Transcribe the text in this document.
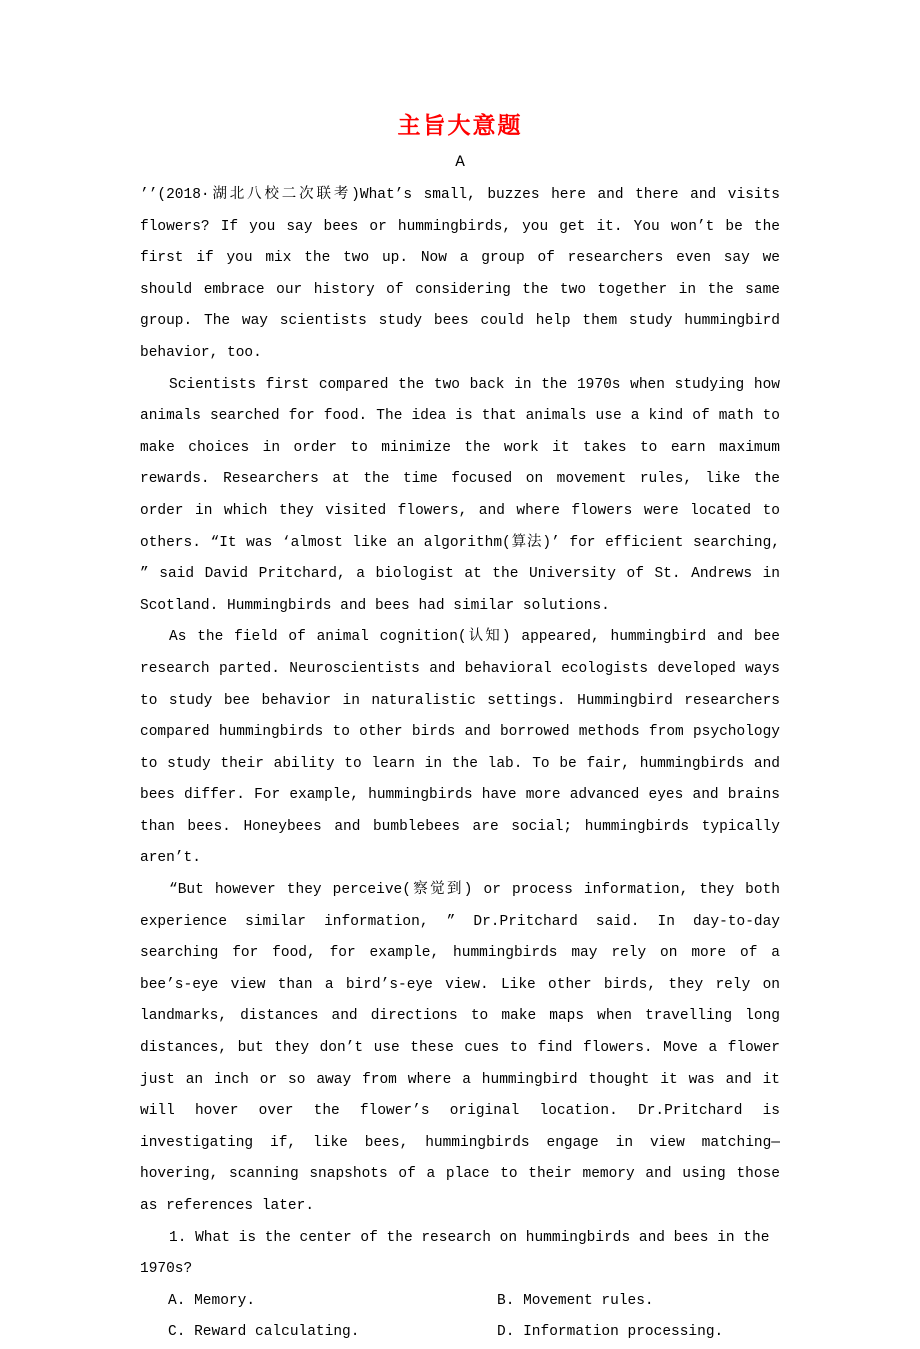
主旨大意题
A

’’(2018·湖北八校二次联考)What’s small, buzzes here and there and visits flowers? If you say bees or hummingbirds, you get it. You won’t be the first if you mix the two up. Now a group of researchers even say we should embrace our history of considering the two together in the same group. The way scientists study bees could help them study hummingbird behavior, too.

Scientists first compared the two back in the 1970s when studying how animals searched for food. The idea is that animals use a kind of math to make choices in order to minimize the work it takes to earn maximum rewards. Researchers at the time focused on movement rules, like the order in which they visited flowers, and where flowers were located to others. “It was ‘almost like an algorithm(算法)’ for efficient searching, ” said David Pritchard, a biologist at the University of St. Andrews in Scotland. Hummingbirds and bees had similar solutions.

As the field of animal cognition(认知) appeared, hummingbird and bee research parted. Neuroscientists and behavioral ecologists developed ways to study bee behavior in naturalistic settings. Hummingbird researchers compared hummingbirds to other birds and borrowed methods from psychology to study their ability to learn in the lab. To be fair, hummingbirds and bees differ. For example, hummingbirds have more advanced eyes and brains than bees. Honeybees and bumblebees are social; hummingbirds typically aren’t.

“But however they perceive(察觉到) or process information, they both experience similar information, ” Dr.Pritchard said. In day-to-day searching for food, for example, hummingbirds may rely on more of a bee’s-eye view than a bird’s-eye view. Like other birds, they rely on landmarks, distances and directions to make maps when travelling long distances, but they don’t use these cues to find flowers. Move a flower just an inch or so away from where a hummingbird thought it was and it will hover over the flower’s original location. Dr.Pritchard is investigating if, like bees, hummingbirds engage in view matching—hovering, scanning snapshots of a place to their memory and using those as references later.

1. What is the center of the research on hummingbirds and bees in the 1970s?

A. Memory.	B. Movement rules.
C. Reward calculating.	D. Information processing.
